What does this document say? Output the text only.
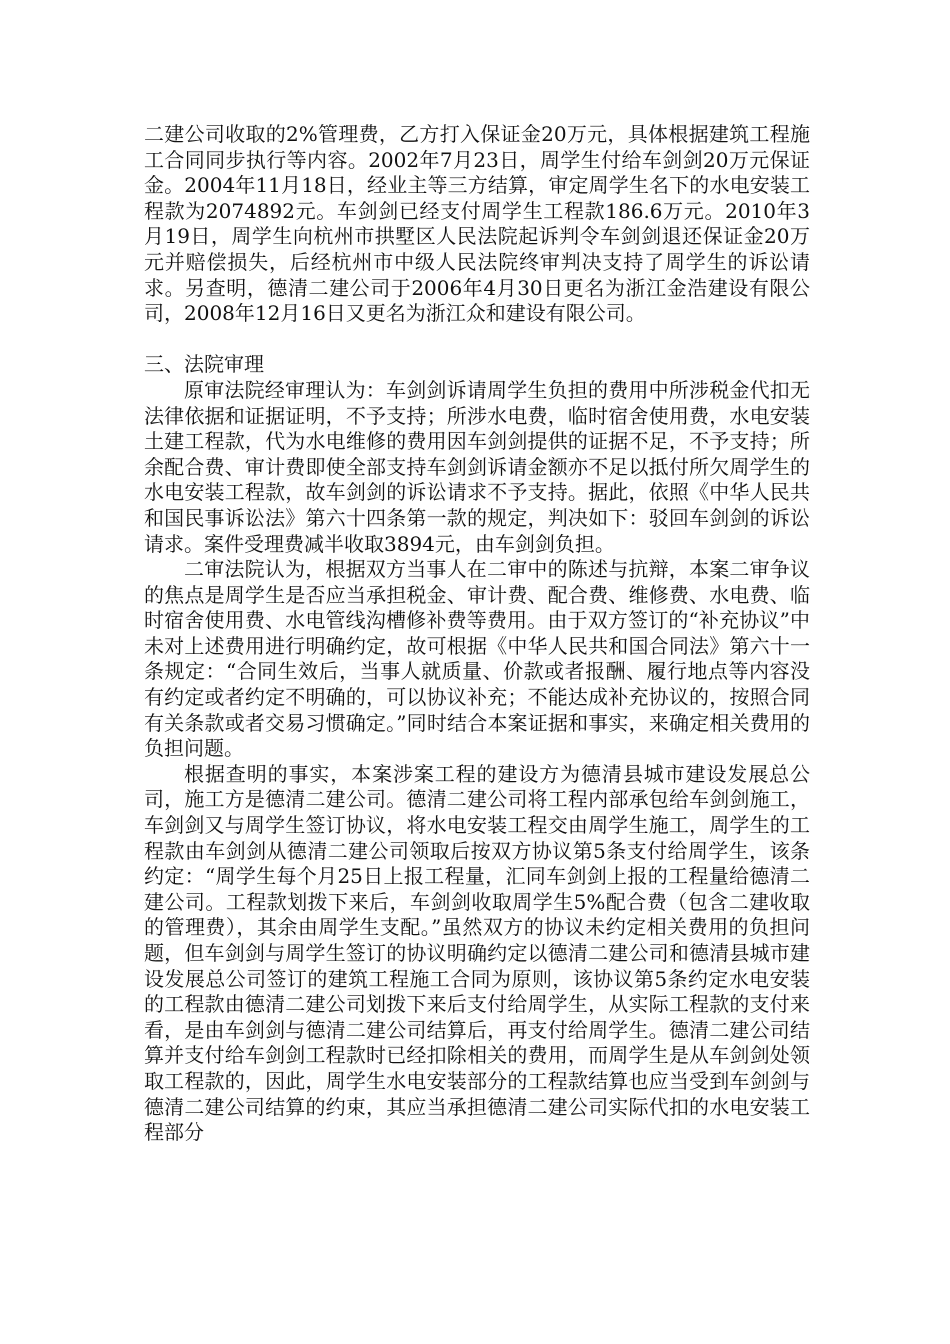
二建公司收取的2%管理费，乙方打入保证金20万元，具体根据建筑工程施工合同同步执行等内容。2002年7月23日，周学生付给车剑剑20万元保证金。2004年11月18日，经业主等三方结算，审定周学生名下的水电安装工程款为2074892元。车剑剑已经支付周学生工程款186.6万元。2010年3月19日，周学生向杭州市拱墅区人民法院起诉判令车剑剑退还保证金20万元并赔偿损失，后经杭州市中级人民法院终审判决支持了周学生的诉讼请求。另查明，德清二建公司于2006年4月30日更名为浙江金浩建设有限公司，2008年12月16日又更名为浙江众和建设有限公司。

三、法院审理

原审法院经审理认为：车剑剑诉请周学生负担的费用中所涉税金代扣无法律依据和证据证明，不予支持；所涉水电费，临时宿舍使用费，水电安装土建工程款，代为水电维修的费用因车剑剑提供的证据不足，不予支持；所余配合费、审计费即使全部支持车剑剑诉请金额亦不足以抵付所欠周学生的水电安装工程款，故车剑剑的诉讼请求不予支持。据此，依照《中华人民共和国民事诉讼法》第六十四条第一款的规定，判决如下：驳回车剑剑的诉讼请求。案件受理费减半收取3894元，由车剑剑负担。

二审法院认为，根据双方当事人在二审中的陈述与抗辩，本案二审争议的焦点是周学生是否应当承担税金、审计费、配合费、维修费、水电费、临时宿舍使用费、水电管线沟槽修补费等费用。由于双方签订的“补充协议”中未对上述费用进行明确约定，故可根据《中华人民共和国合同法》第六十一条规定：“合同生效后，当事人就质量、价款或者报酬、履行地点等内容没有约定或者约定不明确的，可以协议补充；不能达成补充协议的，按照合同有关条款或者交易习惯确定。”同时结合本案证据和事实，来确定相关费用的负担问题。

根据查明的事实，本案涉案工程的建设方为德清县城市建设发展总公司，施工方是德清二建公司。德清二建公司将工程内部承包给车剑剑施工，车剑剑又与周学生签订协议，将水电安装工程交由周学生施工，周学生的工程款由车剑剑从德清二建公司领取后按双方协议第5条支付给周学生，该条约定：“周学生每个月25日上报工程量，汇同车剑剑上报的工程量给德清二建公司。工程款划拨下来后，车剑剑收取周学生5%配合费（包含二建收取的管理费），其余由周学生支配。”虽然双方的协议未约定相关费用的负担问题，但车剑剑与周学生签订的协议明确约定以德清二建公司和德清县城市建设发展总公司签订的建筑工程施工合同为原则，该协议第5条约定水电安装的工程款由德清二建公司划拨下来后支付给周学生，从实际工程款的支付来看，是由车剑剑与德清二建公司结算后，再支付给周学生。德清二建公司结算并支付给车剑剑工程款时已经扣除相关的费用，而周学生是从车剑剑处领取工程款的，因此，周学生水电安装部分的工程款结算也应当受到车剑剑与德清二建公司结算的约束，其应当承担德清二建公司实际代扣的水电安装工程部分
